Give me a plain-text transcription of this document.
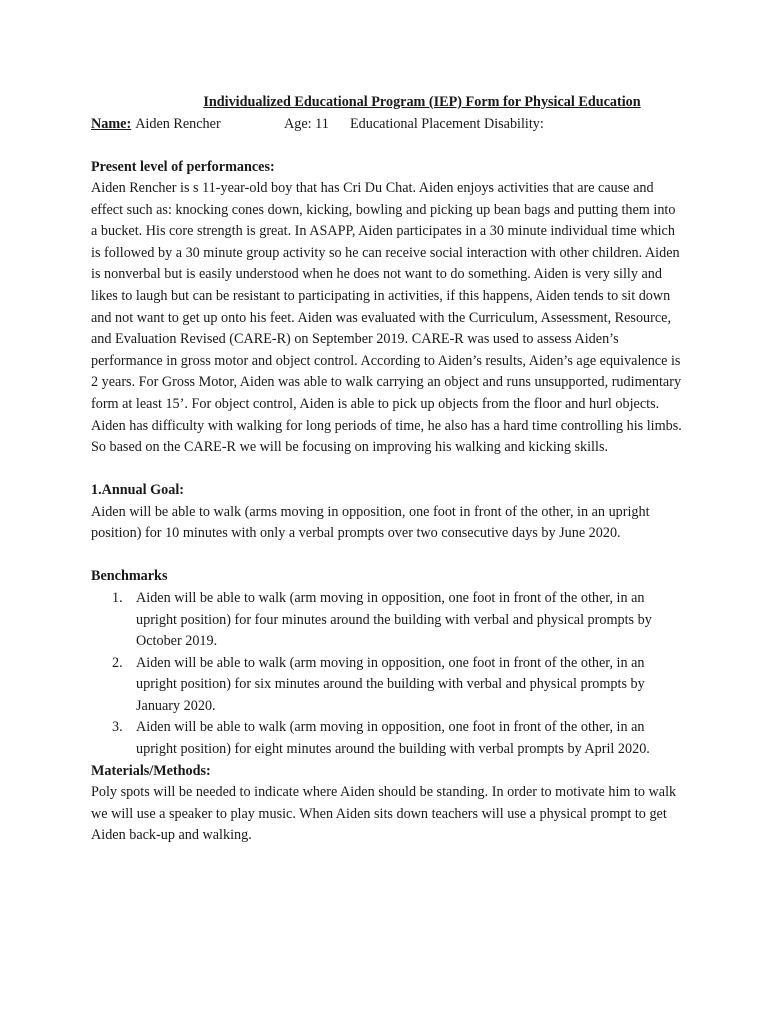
Individualized Educational Program (IEP) Form for Physical Education

Name: Aiden Rencher	Age: 11 Educational Placement Disability:

Present level of performances:

Aiden Rencher is s 11-year-old boy that has Cri Du Chat. Aiden enjoys activities that are cause and effect such as: knocking cones down, kicking, bowling and picking up bean bags and putting them into a bucket. His core strength is great. In ASAPP, Aiden participates in a 30 minute individual time which is followed by a 30 minute group activity so he can receive social interaction with other children. Aiden is nonverbal but is easily understood when he does not want to do something. Aiden is very silly and likes to laugh but can be resistant to participating in activities, if this happens, Aiden tends to sit down and not want to get up onto his feet. Aiden was evaluated with the Curriculum, Assessment, Resource, and Evaluation Revised (CARE-R) on September 2019. CARE-R was used to assess Aiden’s performance in gross motor and object control. According to Aiden’s results, Aiden’s age equivalence is 2 years. For Gross Motor, Aiden was able to walk carrying an object and runs unsupported, rudimentary form at least 15’. For object control, Aiden is able to pick up objects from the floor and hurl objects. Aiden has difficulty with walking for long periods of time, he also has a hard time controlling his limbs. So based on the CARE-R we will be focusing on improving his walking and kicking skills.

1.Annual Goal:

Aiden will be able to walk (arms moving in opposition, one foot in front of the other, in an upright position) for 10 minutes with only a verbal prompts over two consecutive days by June 2020.

Benchmarks

1. Aiden will be able to walk (arm moving in opposition, one foot in front of the other, in an upright position) for four minutes around the building with verbal and physical prompts by October 2019.
2. Aiden will be able to walk (arm moving in opposition, one foot in front of the other, in an upright position) for six minutes around the building with verbal and physical prompts by January 2020.
3. Aiden will be able to walk (arm moving in opposition, one foot in front of the other, in an upright position) for eight minutes around the building with verbal prompts by April 2020.

Materials/Methods:

Poly spots will be needed to indicate where Aiden should be standing. In order to motivate him to walk we will use a speaker to play music. When Aiden sits down teachers will use a physical prompt to get Aiden back-up and walking.
